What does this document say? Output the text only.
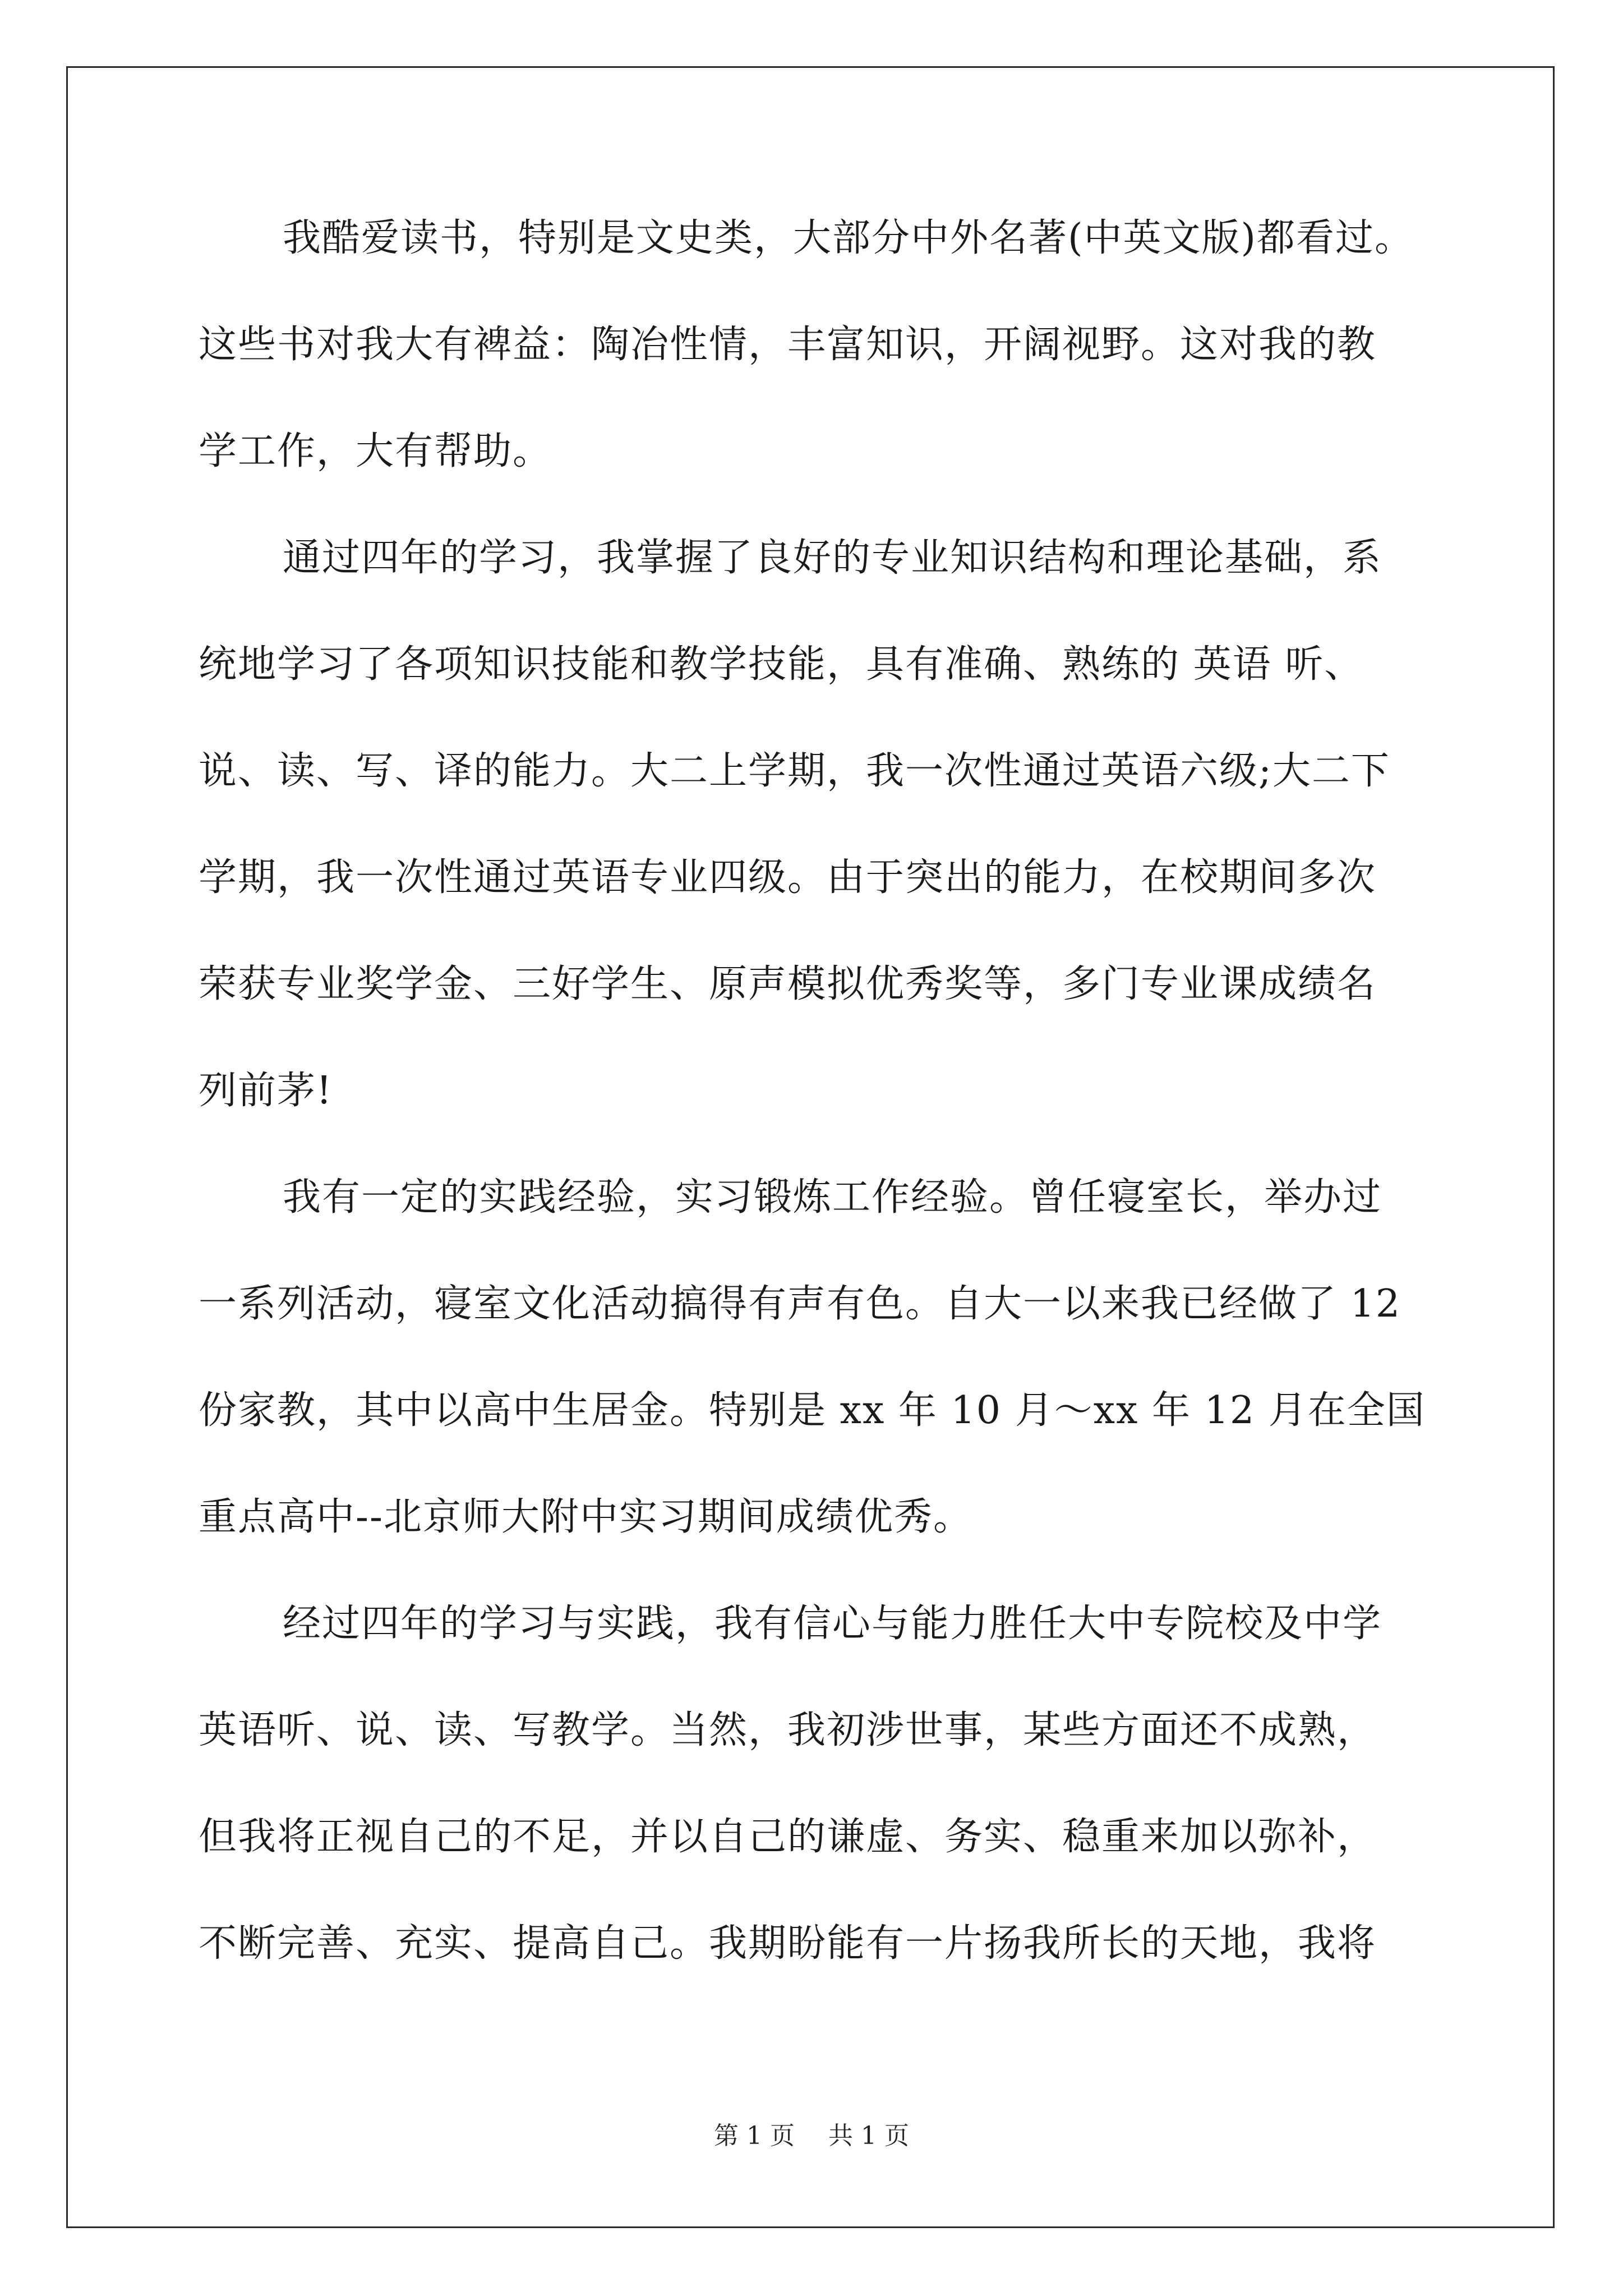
我酷爱读书，特别是文史类，大部分中外名著(中英文版)都看过。
这些书对我大有裨益：陶冶性情，丰富知识，开阔视野。这对我的教
学工作，大有帮助。
通过四年的学习，我掌握了良好的专业知识结构和理论基础，系
统地学习了各项知识技能和教学技能，具有准确、熟练的 英语 听、
说、读、写、译的能力。大二上学期，我一次性通过英语六级;大二下
学期，我一次性通过英语专业四级。由于突出的能力，在校期间多次
荣获专业奖学金、三好学生、原声模拟优秀奖等，多门专业课成绩名
列前茅!
我有一定的实践经验，实习锻炼工作经验。曾任寝室长，举办过
一系列活动，寝室文化活动搞得有声有色。自大一以来我已经做了 12
份家教，其中以高中生居金。特别是 xx 年 10 月～xx 年 12 月在全国
重点高中--北京师大附中实习期间成绩优秀。
经过四年的学习与实践，我有信心与能力胜任大中专院校及中学
英语听、说、读、写教学。当然，我初涉世事，某些方面还不成熟，
但我将正视自己的不足，并以自己的谦虚、务实、稳重来加以弥补，
不断完善、充实、提高自己。我期盼能有一片扬我所长的天地，我将
第 1 页 共 1 页
